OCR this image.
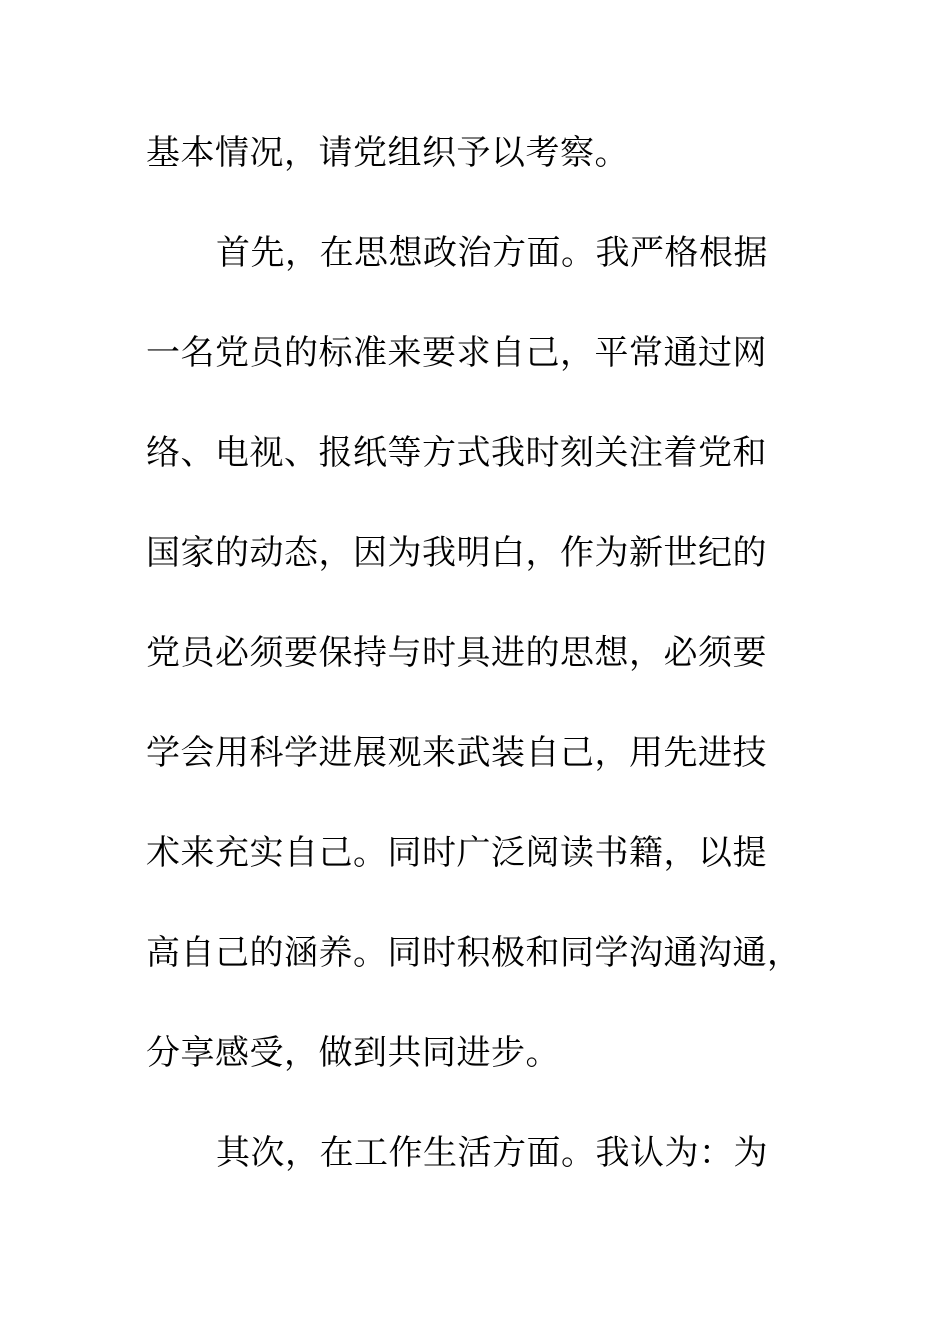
基本情况，请党组织予以考察。
首先，在思想政治方面。我严格根据
一名党员的标准来要求自己，平常通过网
络、电视、报纸等方式我时刻关注着党和
国家的动态，因为我明白，作为新世纪的
党员必须要保持与时具进的思想，必须要
学会用科学进展观来武装自己，用先进技
术来充实自己。同时广泛阅读书籍，以提
高自己的涵养。同时积极和同学沟通沟通，
分享感受，做到共同进步。
其次，在工作生活方面。我认为：为
